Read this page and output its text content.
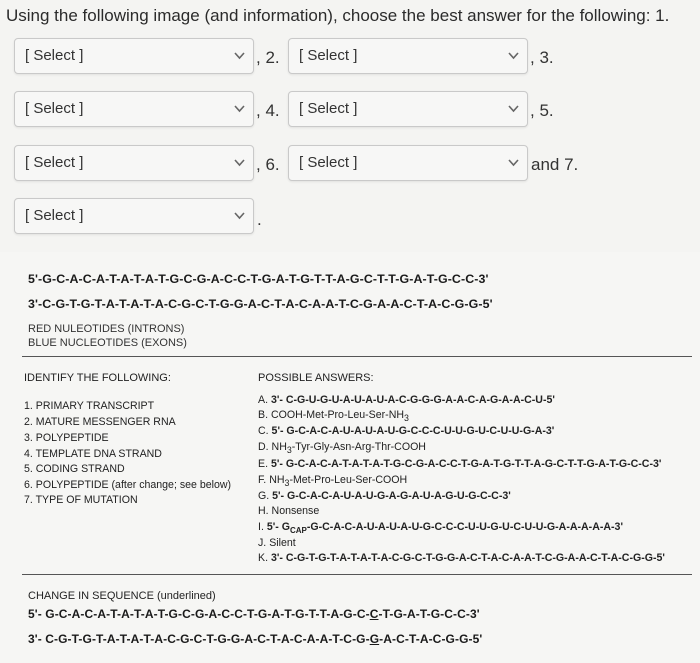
Using the following image (and information), choose the best answer for the following: 1.
[ Select ]	, 2. [ Select ]	, 3.
[ Select ]	, 4. [ Select ]	, 5.
[ Select ]	, 6. [ Select ]	and 7.
[ Select ]	.
5'-G-C-A-C-A-T-A-T-A-T-G-C-G-A-C-C-T-G-A-T-G-T-T-A-G-C-T-T-G-A-T-G-C-C-3'
3'-C-G-T-G-T-A-T-A-T-A-C-G-C-T-G-G-A-C-T-A-C-A-A-T-C-G-A-A-C-T-A-C-G-G-5'
RED NULEOTIDES (INTRONS)
BLUE NUCLEOTIDES (EXONS)
IDENTIFY THE FOLLOWING:	POSSIBLE ANSWERS:
1. PRIMARY TRANSCRIPT
2. MATURE MESSENGER RNA
3. POLYPEPTIDE
4. TEMPLATE DNA STRAND
5. CODING STRAND
6. POLYPEPTIDE (after change; see below)
7. TYPE OF MUTATION
A. 3'- C-G-U-G-U-A-U-A-U-A-C-G-G-G-A-A-C-A-G-A-A-C-U-5'
B. COOH-$Met-Pro-Leu-Ser-NH_3$
C. 5'- G-C-A-C-A-U-A-U-A-U-G-C-C-C-U-U-G-U-C-U-U-G-A-3'
D. $NH_3-Tyr-Gly-Asn-Arg-Thr$-COOH
E. 5'- G-C-A-C-A-T-A-T-A-T-G-C-G-A-C-C-T-G-A-T-G-T-T-A-G-C-T-T-G-A-T-G-C-C-3'
F. $NH_3-Met-Pro-Leu-Ser$-COOH
G. 5'- G-C-A-C-A-U-A-U-G-A-G-A-U-A-G-U-G-C-C-3'
H. Nonsense
I. 5'- $G_{CAP}-G-C-A-C-A-U-A-U-A-U-G-C-C-C-U-U-G-U-C-U-U-G-A-A-A-A-A-3'$
J. Silent
K. 3'- C-G-T-G-T-A-T-A-T-A-C-G-C-T-G-G-A-C-T-A-C-A-A-T-C-G-A-A-C-T-A-C-G-G-5'
CHANGE IN SEQUENCE (underlined)
5'- G-C-A-C-A-T-A-T-A-T-G-C-G-A-C-C-T-G-A-T-G-T-T-A-G-C-C-T-G-A-T-G-C-C-3'
3'- C-G-T-G-T-A-T-A-T-A-C-G-C-T-G-G-A-C-T-A-C-A-A-T-C-G-G-A-C-T-A-C-G-G-5'
